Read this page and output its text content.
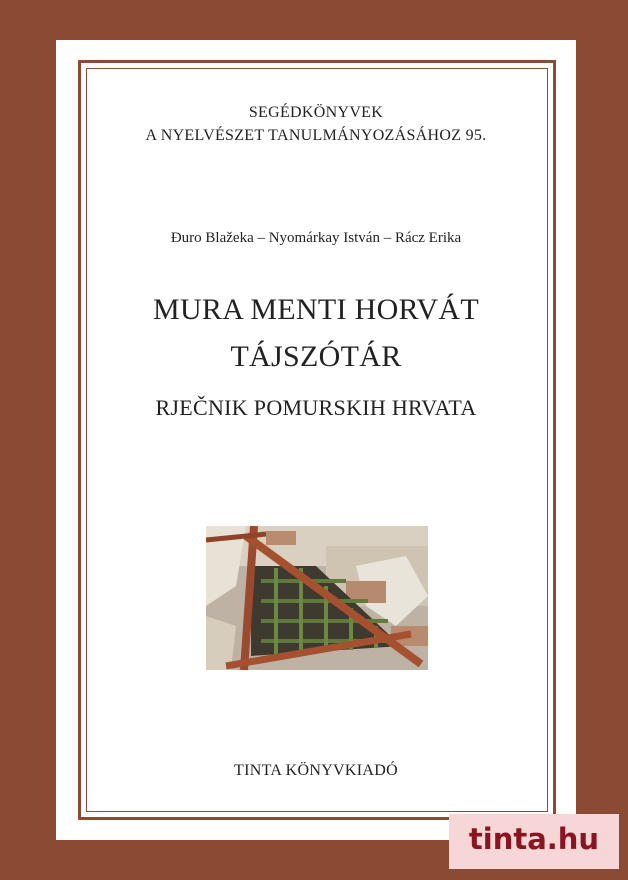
SEGÉDKÖNYVEK
A NYELVÉSZET TANULMÁNYOZÁSÁHOZ 95.
Đuro Blažeka – Nyomárkay István – Rácz Erika
MURA MENTI HORVÁT
TÁJSZÓTÁR
RJEČNIK POMURSKIH HRVATA
TINTA KÖNYVKIADÓ
tinta.hu
